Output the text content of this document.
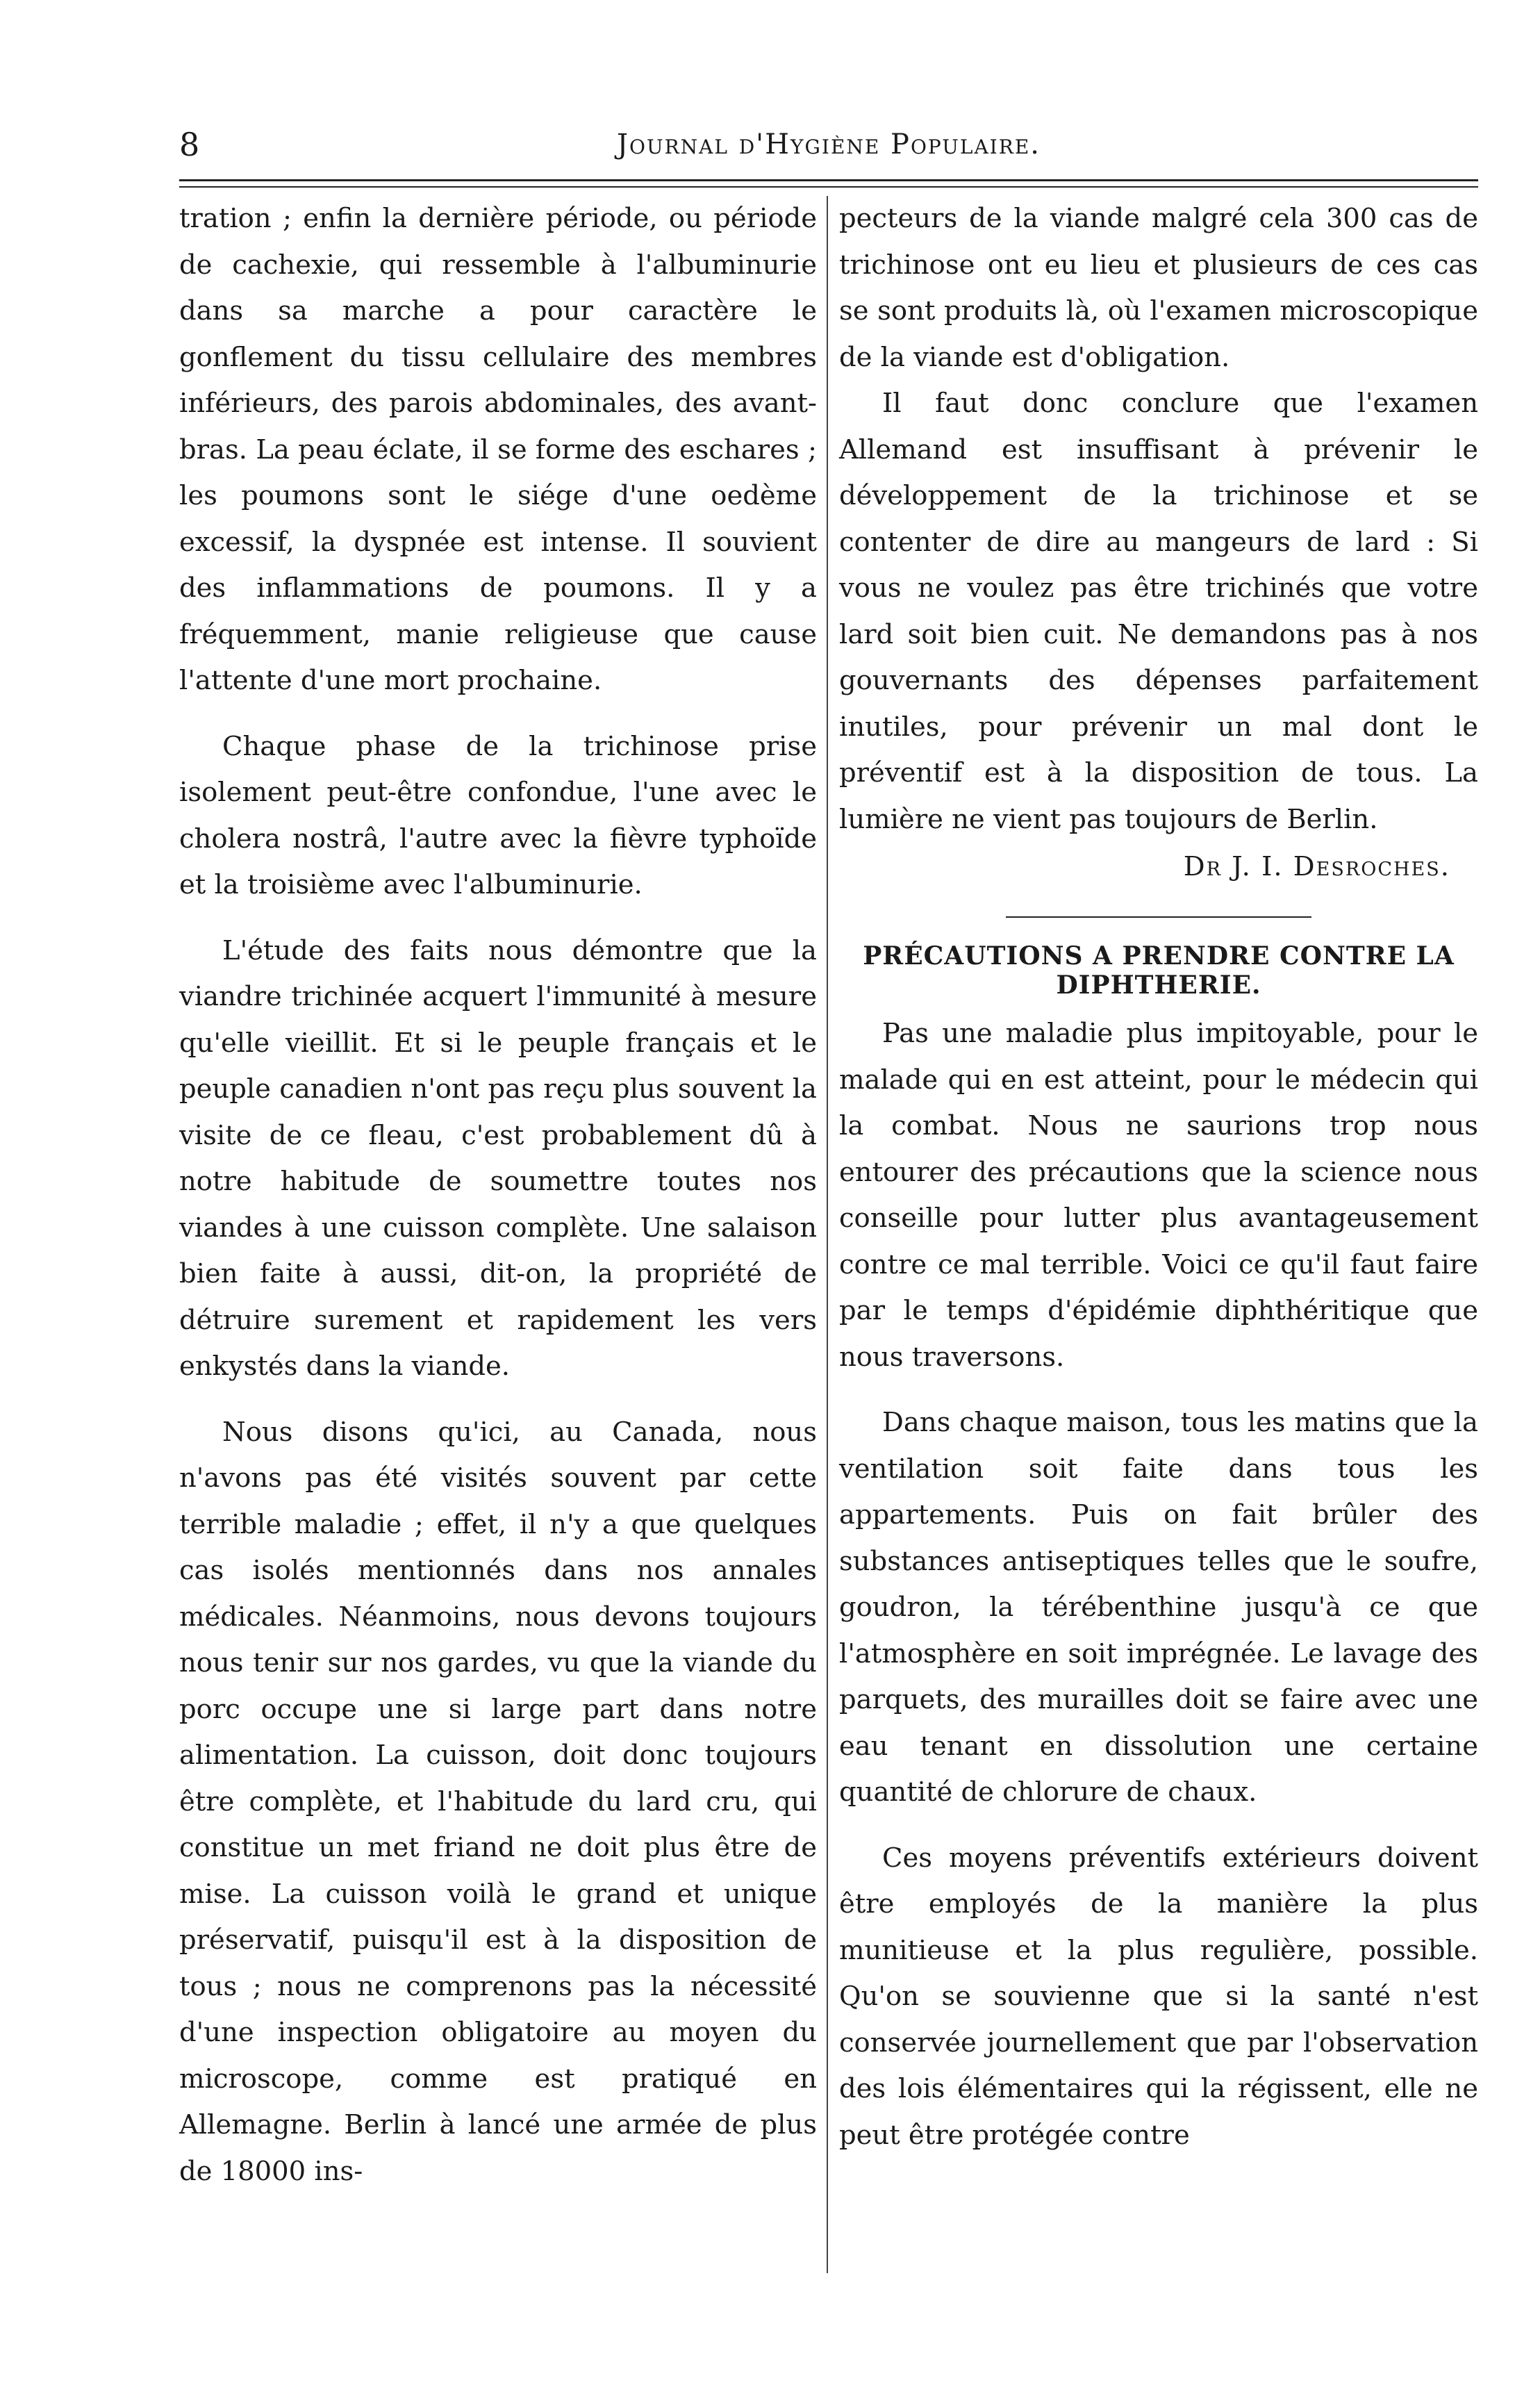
8	Journal d'Hygiène Populaire.

tration ; enfin la dernière période, ou période de cachexie, qui ressemble à l'albuminurie dans sa marche a pour caractère le gonflement du tissu cellulaire des membres inférieurs, des parois abdominales, des avant-bras. La peau éclate, il se forme des eschares ; les poumons sont le siége d'une oedème excessif, la dyspnée est intense. Il souvient des inflammations de poumons. Il y a fréquemment, manie religieuse que cause l'attente d'une mort prochaine.

Chaque phase de la trichinose prise isolement peut-être confondue, l'une avec le cholera nostrâ, l'autre avec la fièvre typhoïde et la troisième avec l'albuminurie.

L'étude des faits nous démontre que la viandre trichinée acquert l'immunité à mesure qu'elle vieillit. Et si le peuple français et le peuple canadien n'ont pas reçu plus souvent la visite de ce fleau, c'est probablement dû à notre habitude de soumettre toutes nos viandes à une cuisson complète. Une salaison bien faite à aussi, dit-on, la propriété de détruire surement et rapidement les vers enkystés dans la viande.

Nous disons qu'ici, au Canada, nous n'avons pas été visités souvent par cette terrible maladie ; effet, il n'y a que quelques cas isolés mentionnés dans nos annales médicales. Néanmoins, nous devons toujours nous tenir sur nos gardes, vu que la viande du porc occupe une si large part dans notre alimentation. La cuisson, doit donc toujours être complète, et l'habitude du lard cru, qui constitue un met friand ne doit plus être de mise. La cuisson voilà le grand et unique préservatif, puisqu'il est à la disposition de tous ; nous ne comprenons pas la nécessité d'une inspection obligatoire au moyen du microscope, comme est pratiqué en Allemagne. Berlin à lancé une armée de plus de 18000 ins-

pecteurs de la viande malgré cela 300 cas de trichinose ont eu lieu et plusieurs de ces cas se sont produits là, où l'examen microscopique de la viande est d'obligation.

Il faut donc conclure que l'examen Allemand est insuffisant à prévenir le développement de la trichinose et se contenter de dire au mangeurs de lard : Si vous ne voulez pas être trichinés que votre lard soit bien cuit. Ne demandons pas à nos gouvernants des dépenses parfaitement inutiles, pour prévenir un mal dont le préventif est à la disposition de tous. La lumière ne vient pas toujours de Berlin.

Dr J. I. Desroches.

PRÉCAUTIONS A PRENDRE CONTRE LA
DIPHTHERIE.

Pas une maladie plus impitoyable, pour le malade qui en est atteint, pour le médecin qui la combat. Nous ne saurions trop nous entourer des précautions que la science nous conseille pour lutter plus avantageusement contre ce mal terrible. Voici ce qu'il faut faire par le temps d'épidémie diphthéritique que nous traversons.

Dans chaque maison, tous les matins que la ventilation soit faite dans tous les appartements. Puis on fait brûler des substances antiseptiques telles que le soufre, goudron, la térébenthine jusqu'à ce que l'atmosphère en soit imprégnée. Le lavage des parquets, des murailles doit se faire avec une eau tenant en dissolution une certaine quantité de chlorure de chaux.

Ces moyens préventifs extérieurs doivent être employés de la manière la plus munitieuse et la plus regulière, possible. Qu'on se souvienne que si la santé n'est conservée journellement que par l'observation des lois élémentaires qui la régissent, elle ne peut être protégée contre
